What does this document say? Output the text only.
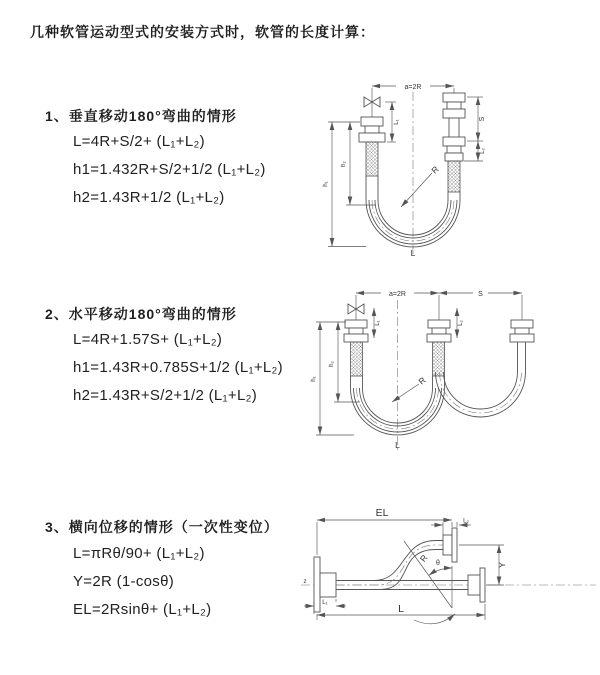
几种软管运动型式的安装方式时，软管的长度计算：
1、垂直移动180°弯曲的情形
L=4R+S/2+ (L₁+L₂)
h1=1.432R+S/2+1/2 (L₁+L₂)
h2=1.43R+1/2 (L₁+L₂)
2、水平移动180°弯曲的情形
L=4R+1.57S+ (L₁+L₂)
h1=1.43R+0.785S+1/2 (L₁+L₂)
h2=1.43R+S/2+1/2 (L₁+L₂)
3、横向位移的情形（一次性变位）
L=πRθ/90+ (L₁+L₂)
Y=2R (1-cosθ)
EL=2Rsinθ+ (L₁+L₂)
a=2R
S
L₂
L₁
h₂
h₁
R
L
a=2R	S
L₁	L₂
h₂
h₁	R
L
z
EL
L₂
Y
θ
R
L
L₁
